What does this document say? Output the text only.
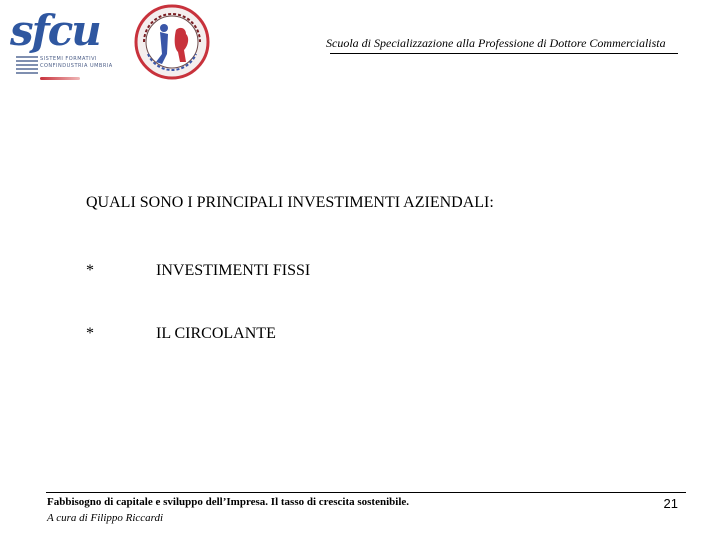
sfcu
SISTEMI FORMATIVI
CONFINDUSTRIA UMBRIA
Scuola di Specializzazione alla Professione di Dottore Commercialista
QUALI SONO I PRINCIPALI INVESTIMENTI AZIENDALI:
*	INVESTIMENTI FISSI
*	IL CIRCOLANTE
Fabbisogno di capitale e sviluppo dell’Impresa. Il tasso di crescita sostenibile.
A cura di Filippo Riccardi
21
